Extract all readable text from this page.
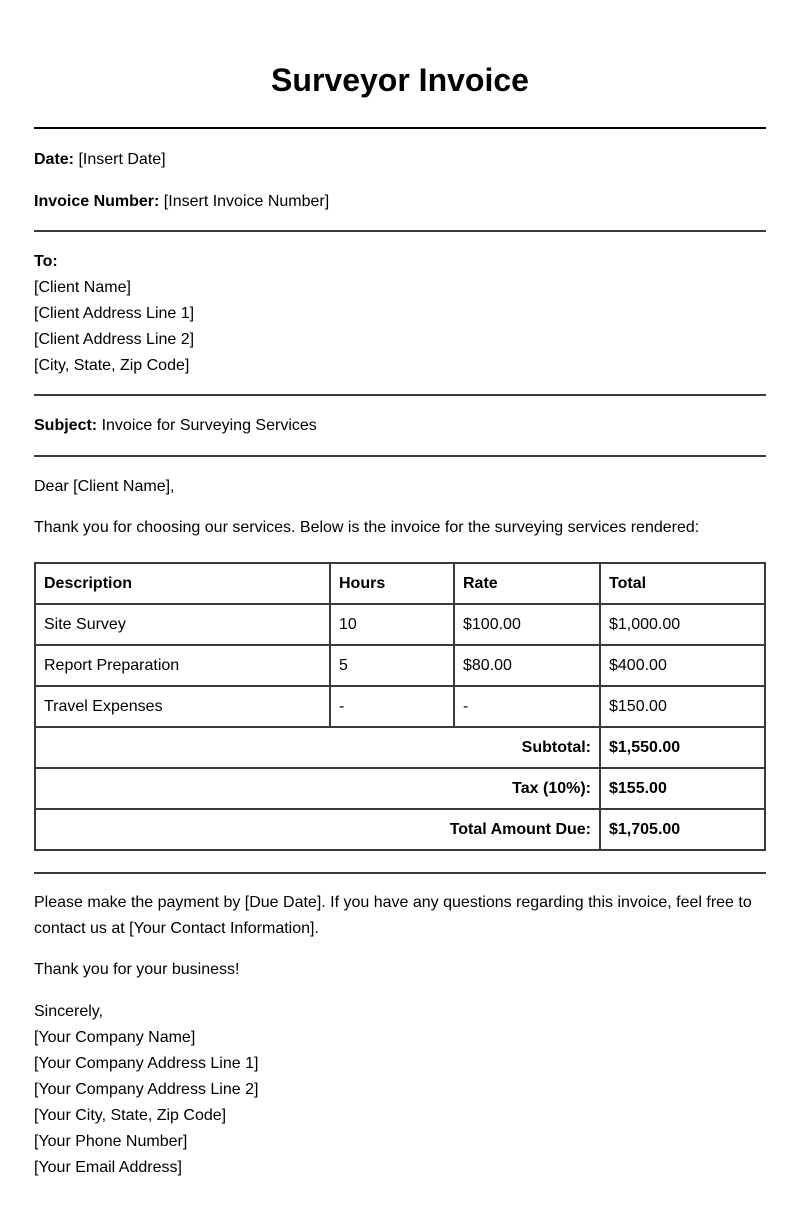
Surveyor Invoice

Date: [Insert Date]

Invoice Number: [Insert Invoice Number]

To:

[Client Name]

[Client Address Line 1]

[Client Address Line 2]

[City, State, Zip Code]

Subject: Invoice for Surveying Services

Dear [Client Name],

Thank you for choosing our services. Below is the invoice for the surveying services rendered:

Description	Hours	Rate	Total
Site Survey	10	$100.00	$1,000.00
Report Preparation	5	$80.00	$400.00
Travel Expenses	-	-	$150.00
Subtotal:			$1,550.00
Tax (10%):			$155.00
Total Amount Due:			$1,705.00

Please make the payment by [Due Date]. If you have any questions regarding this invoice, feel free to contact us at [Your Contact Information].

Thank you for your business!

Sincerely,

[Your Company Name]

[Your Company Address Line 1]

[Your Company Address Line 2]

[Your City, State, Zip Code]

[Your Phone Number]

[Your Email Address]
